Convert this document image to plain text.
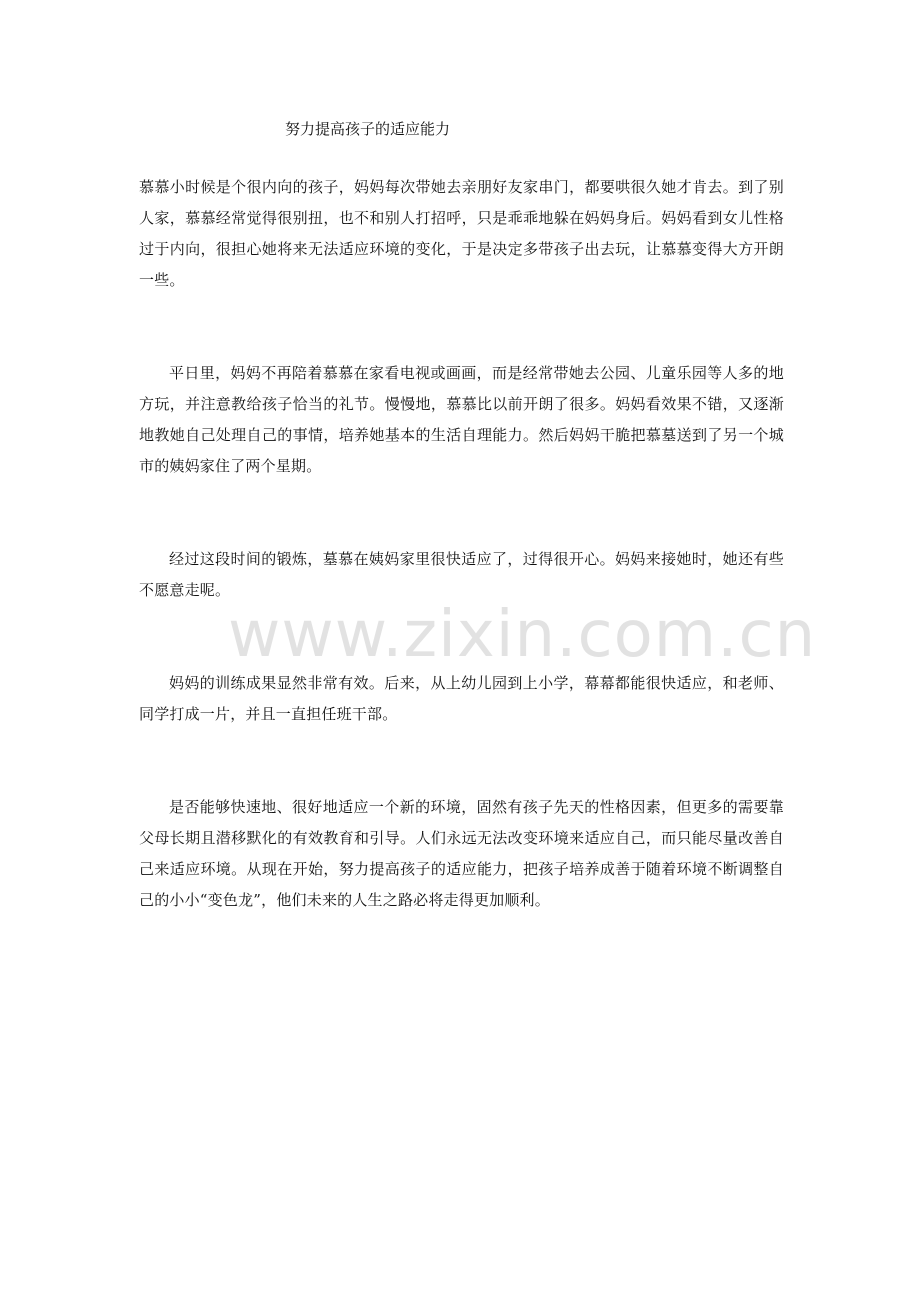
努力提高孩子的适应能力

慕慕小时候是个很内向的孩子，妈妈每次带她去亲朋好友家串门，都要哄很久她才肯去。到了别人家，慕慕经常觉得很别扭，也不和别人打招呼，只是乖乖地躲在妈妈身后。妈妈看到女儿性格过于内向，很担心她将来无法适应环境的变化，于是决定多带孩子出去玩，让慕慕变得大方开朗一些。

平日里，妈妈不再陪着慕慕在家看电视或画画，而是经常带她去公园、儿童乐园等人多的地方玩，并注意教给孩子恰当的礼节。慢慢地，慕慕比以前开朗了很多。妈妈看效果不错，又逐渐地教她自己处理自己的事情，培养她基本的生活自理能力。然后妈妈干脆把慕墓送到了另一个城市的姨妈家住了两个星期。

经过这段时间的锻炼，墓慕在姨妈家里很快适应了，过得很开心。妈妈来接她时，她还有些不愿意走呢。

妈妈的训练成果显然非常有效。后来，从上幼儿园到上小学，幕幕都能很快适应，和老师、同学打成一片，并且一直担任班干部。

是否能够快速地、很好地适应一个新的环境，固然有孩子先天的性格因素，但更多的需要靠父母长期且潜移默化的有效教育和引导。人们永远无法改变环境来适应自己，而只能尽量改善自己来适应环境。从现在开始，努力提高孩子的适应能力，把孩子培养成善于随着环境不断调整自己的小小“变色龙”，他们未来的人生之路必将走得更加顺利。

www.zixin.com.cn
